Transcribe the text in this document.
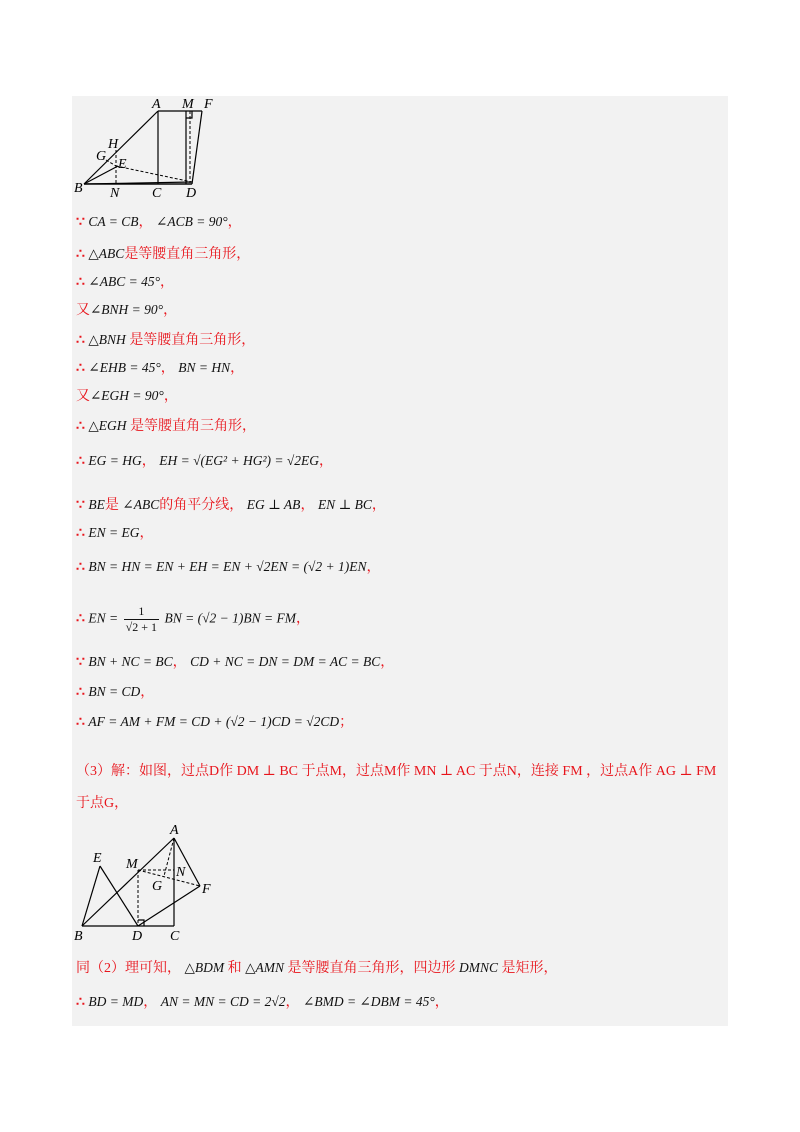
A M F
H
G
E
B N C D
∵ CA = CB， ∠ACB = 90°，
∴ △ABC是等腰直角三角形，
∴ ∠ABC = 45°，
又∠BNH = 90°，
∴ △BNH 是等腰直角三角形，
∴ ∠EHB = 45°， BN = HN，
又∠EGH = 90°，
∴ △EGH 是等腰直角三角形，
∴ EG = HG， EH = √(EG² + HG²) = √2EG，
∵ BE是 ∠ABC的角平分线， EG ⊥ AB， EN ⊥ BC，
∴ EN = EG，
∴ BN = HN = EN + EH = EN + √2EN = (√2 + 1)EN，
∴ EN = $\frac{1}{√2 + 1}$ BN = (√2 − 1)BN = FM，
∵ BN + NC = BC， CD + NC = DN = DM = AC = BC，
∴ BN = CD，
∴ AF = AM + FM = CD + (√2 − 1)CD = √2CD；
（3）解：如图，过点D作 DM ⊥ BC 于点M，过点M作 MN ⊥ AC 于点N，连接 FM ，过点A作 AG ⊥ FM
于点G，
A
E M
N
G	F
B	D C
同（2）理可知， △BDM 和 △AMN 是等腰直角三角形，四边形 DMNC 是矩形，
∴ BD = MD， AN = MN = CD = 2√2， ∠BMD = ∠DBM = 45°，
